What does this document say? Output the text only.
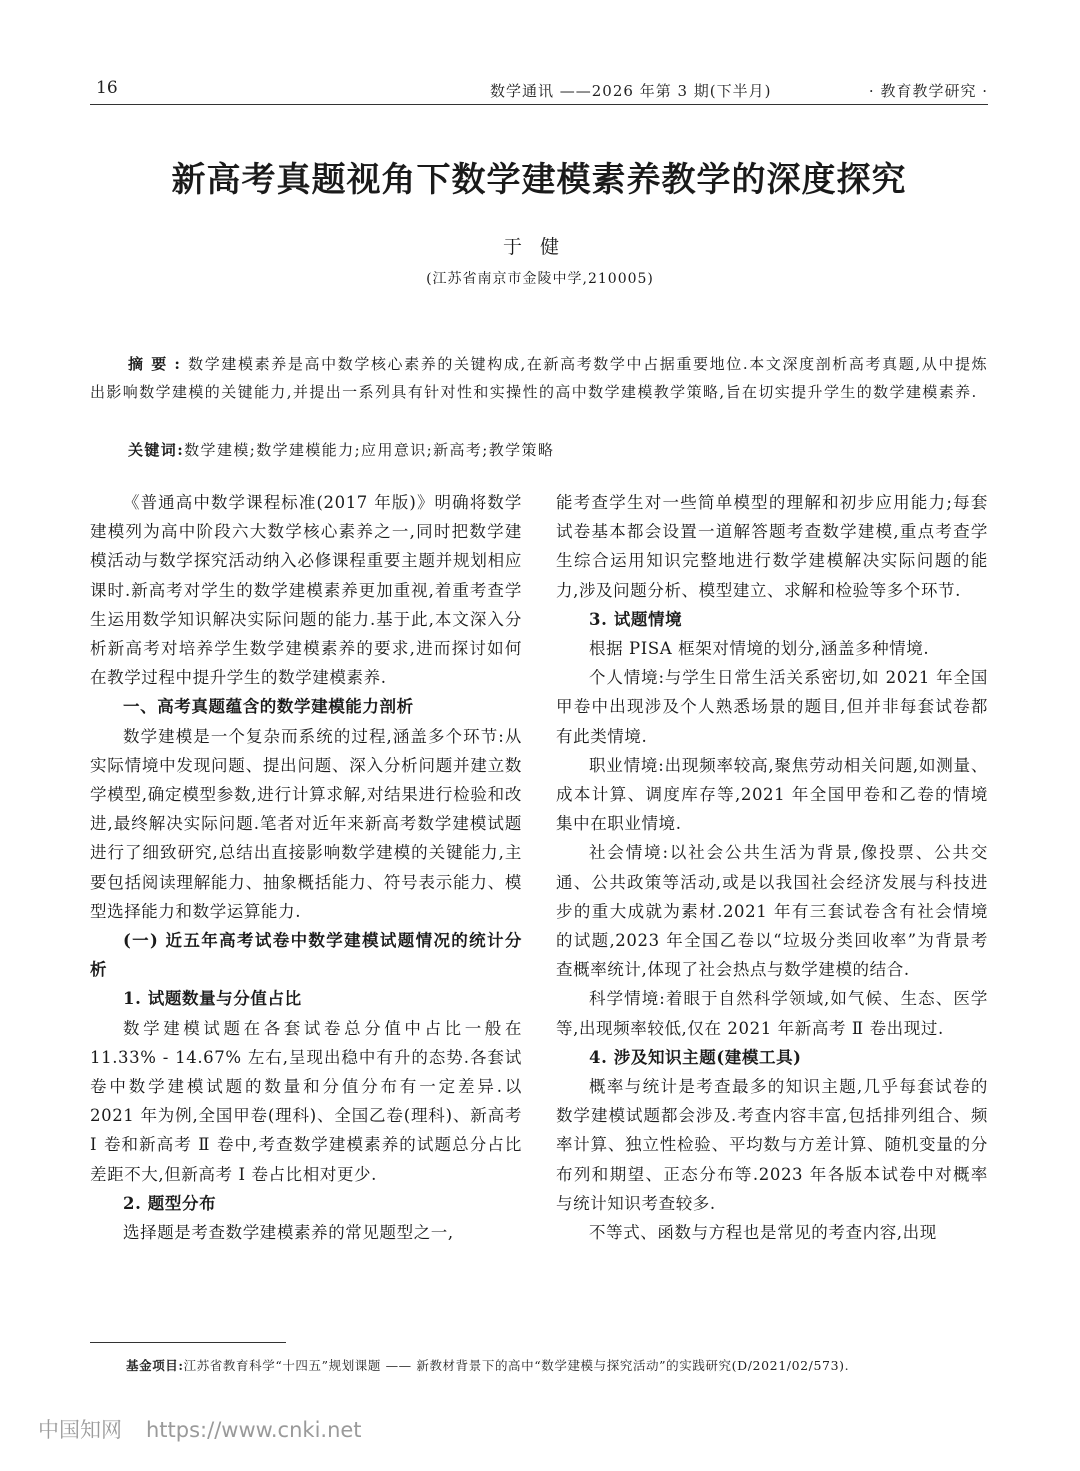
16	数学通讯 ——2026 年第 3 期(下半月)	· 教育教学研究 ·
新高考真题视角下数学建模素养教学的深度探究
于健
(江苏省南京市金陵中学,210005)
摘要:数学建模素养是高中数学核心素养的关键构成,在新高考数学中占据重要地位.本文深度剖析高考真题,从中提炼出影响数学建模的关键能力,并提出一系列具有针对性和实操性的高中数学建模教学策略,旨在切实提升学生的数学建模素养.
关键词:数学建模;数学建模能力;应用意识;新高考;教学策略

《普通高中数学课程标准(2017 年版)》明确将数学建模列为高中阶段六大数学核心素养之一,同时把数学建模活动与数学探究活动纳入必修课程重要主题并规划相应课时.新高考对学生的数学建模素养更加重视,着重考查学生运用数学知识解决实际问题的能力.基于此,本文深入分析新高考对培养学生数学建模素养的要求,进而探讨如何在教学过程中提升学生的数学建模素养.

一、高考真题蕴含的数学建模能力剖析

数学建模是一个复杂而系统的过程,涵盖多个环节:从实际情境中发现问题、提出问题、深入分析问题并建立数学模型,确定模型参数,进行计算求解,对结果进行检验和改进,最终解决实际问题.笔者对近年来新高考数学建模试题进行了细致研究,总结出直接影响数学建模的关键能力,主要包括阅读理解能力、抽象概括能力、符号表示能力、模型选择能力和数学运算能力.

(一) 近五年高考试卷中数学建模试题情况的统计分析
1. 试题数量与分值占比

数学建模试题在各套试卷总分值中占比一般在 11.33% - 14.67% 左右,呈现出稳中有升的态势.各套试卷中数学建模试题的数量和分值分布有一定差异.以 2021 年为例,全国甲卷(理科)、全国乙卷(理科)、新高考 Ⅰ 卷和新高考 Ⅱ 卷中,考查数学建模素养的试题总分占比差距不大,但新高考 Ⅰ 卷占比相对更少.

2. 题型分布

选择题是考查数学建模素养的常见题型之一,

能考查学生对一些简单模型的理解和初步应用能力;每套试卷基本都会设置一道解答题考查数学建模,重点考查学生综合运用知识完整地进行数学建模解决实际问题的能力,涉及问题分析、模型建立、求解和检验等多个环节.

3. 试题情境

根据 PISA 框架对情境的划分,涵盖多种情境.

个人情境:与学生日常生活关系密切,如 2021 年全国甲卷中出现涉及个人熟悉场景的题目,但并非每套试卷都有此类情境.

职业情境:出现频率较高,聚焦劳动相关问题,如测量、成本计算、调度库存等,2021 年全国甲卷和乙卷的情境集中在职业情境.

社会情境:以社会公共生活为背景,像投票、公共交通、公共政策等活动,或是以我国社会经济发展与科技进步的重大成就为素材.2021 年有三套试卷含有社会情境的试题,2023 年全国乙卷以“垃圾分类回收率”为背景考查概率统计,体现了社会热点与数学建模的结合.

科学情境:着眼于自然科学领域,如气候、生态、医学等,出现频率较低,仅在 2021 年新高考 Ⅱ 卷出现过.

4. 涉及知识主题(建模工具)

概率与统计是考查最多的知识主题,几乎每套试卷的数学建模试题都会涉及.考查内容丰富,包括排列组合、频率计算、独立性检验、平均数与方差计算、随机变量的分布列和期望、正态分布等.2023 年各版本试卷中对概率与统计知识考查较多.

不等式、函数与方程也是常见的考查内容,出现

基金项目:江苏省教育科学“十四五”规划课题 —— 新教材背景下的高中“数学建模与探究活动”的实践研究(D/2021/02/573).
中国知网 https://www.cnki.net
